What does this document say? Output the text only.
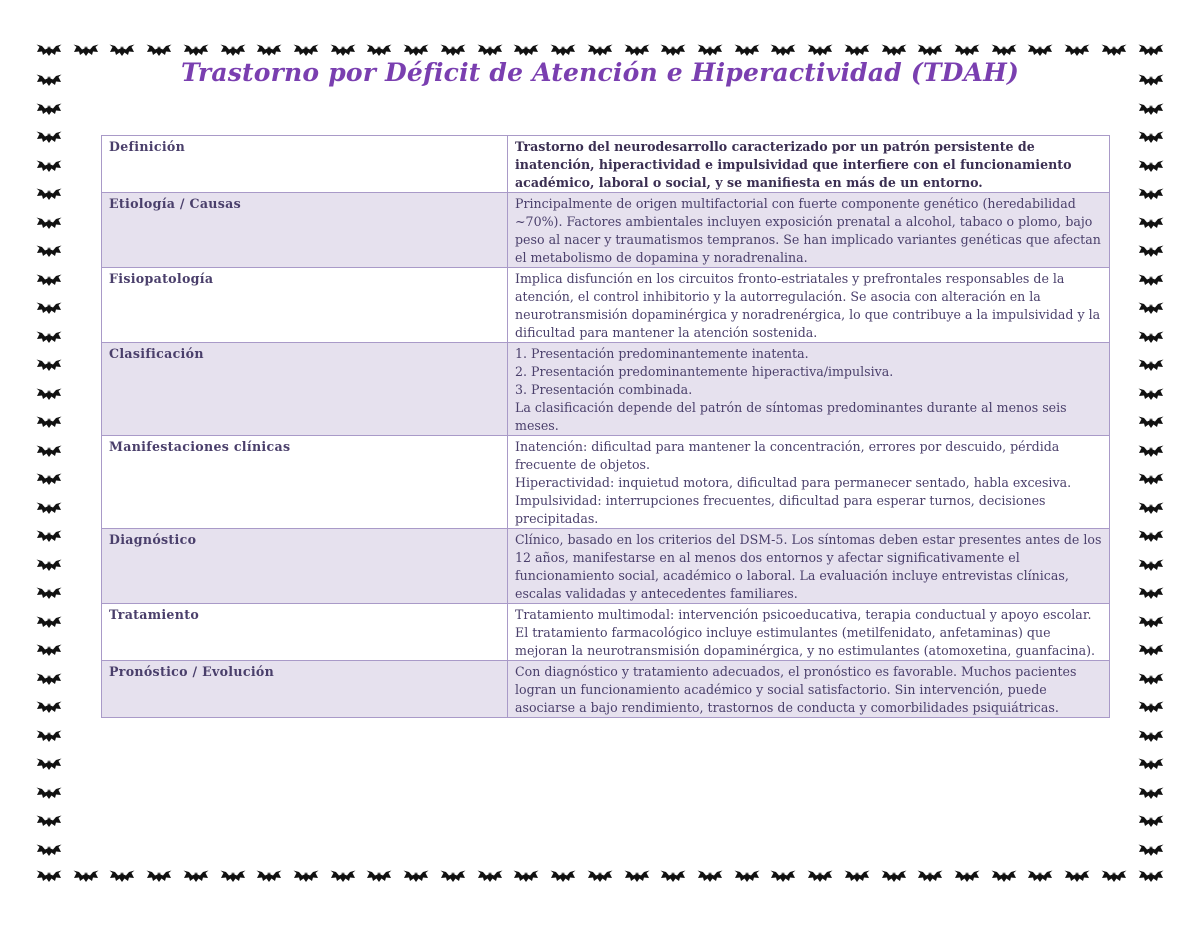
Trastorno por Déficit de Atención e Hiperactividad (TDAH)
Definición	Trastorno del neurodesarrollo caracterizado por un patrón persistente de inatención, hiperactividad e impulsividad que interfiere con el funcionamiento académico, laboral o social, y se manifiesta en más de un entorno.

Etiología / Causas	Principalmente de origen multifactorial con fuerte componente genético (heredabilidad ~70%). Factores ambientales incluyen exposición prenatal a alcohol, tabaco o plomo, bajo peso al nacer y traumatismos tempranos. Se han implicado variantes genéticas que afectan el metabolismo de dopamina y noradrenalina.

Fisiopatología	Implica disfunción en los circuitos fronto-estriatales y prefrontales responsables de la atención, el control inhibitorio y la autorregulación. Se asocia con alteración en la neurotransmisión dopaminérgica y noradrenérgica, lo que contribuye a la impulsividad y la dificultad para mantener la atención sostenida.

Clasificación	1. Presentación predominantemente inatenta.
2. Presentación predominantemente hiperactiva/impulsiva.
3. Presentación combinada.
La clasificación depende del patrón de síntomas predominantes durante al menos seis meses.

Manifestaciones clínicas	Inatención: dificultad para mantener la concentración, errores por descuido, pérdida frecuente de objetos.
Hiperactividad: inquietud motora, dificultad para permanecer sentado, habla excesiva.
Impulsividad: interrupciones frecuentes, dificultad para esperar turnos, decisiones precipitadas.

Diagnóstico	Clínico, basado en los criterios del DSM-5. Los síntomas deben estar presentes antes de los 12 años, manifestarse en al menos dos entornos y afectar significativamente el funcionamiento social, académico o laboral. La evaluación incluye entrevistas clínicas, escalas validadas y antecedentes familiares.

Tratamiento	Tratamiento multimodal: intervención psicoeducativa, terapia conductual y apoyo escolar. El tratamiento farmacológico incluye estimulantes (metilfenidato, anfetaminas) que mejoran la neurotransmisión dopaminérgica, y no estimulantes (atomoxetina, guanfacina).

Pronóstico / Evolución	Con diagnóstico y tratamiento adecuados, el pronóstico es favorable. Muchos pacientes logran un funcionamiento académico y social satisfactorio. Sin intervención, puede asociarse a bajo rendimiento, trastornos de conducta y comorbilidades psiquiátricas.
